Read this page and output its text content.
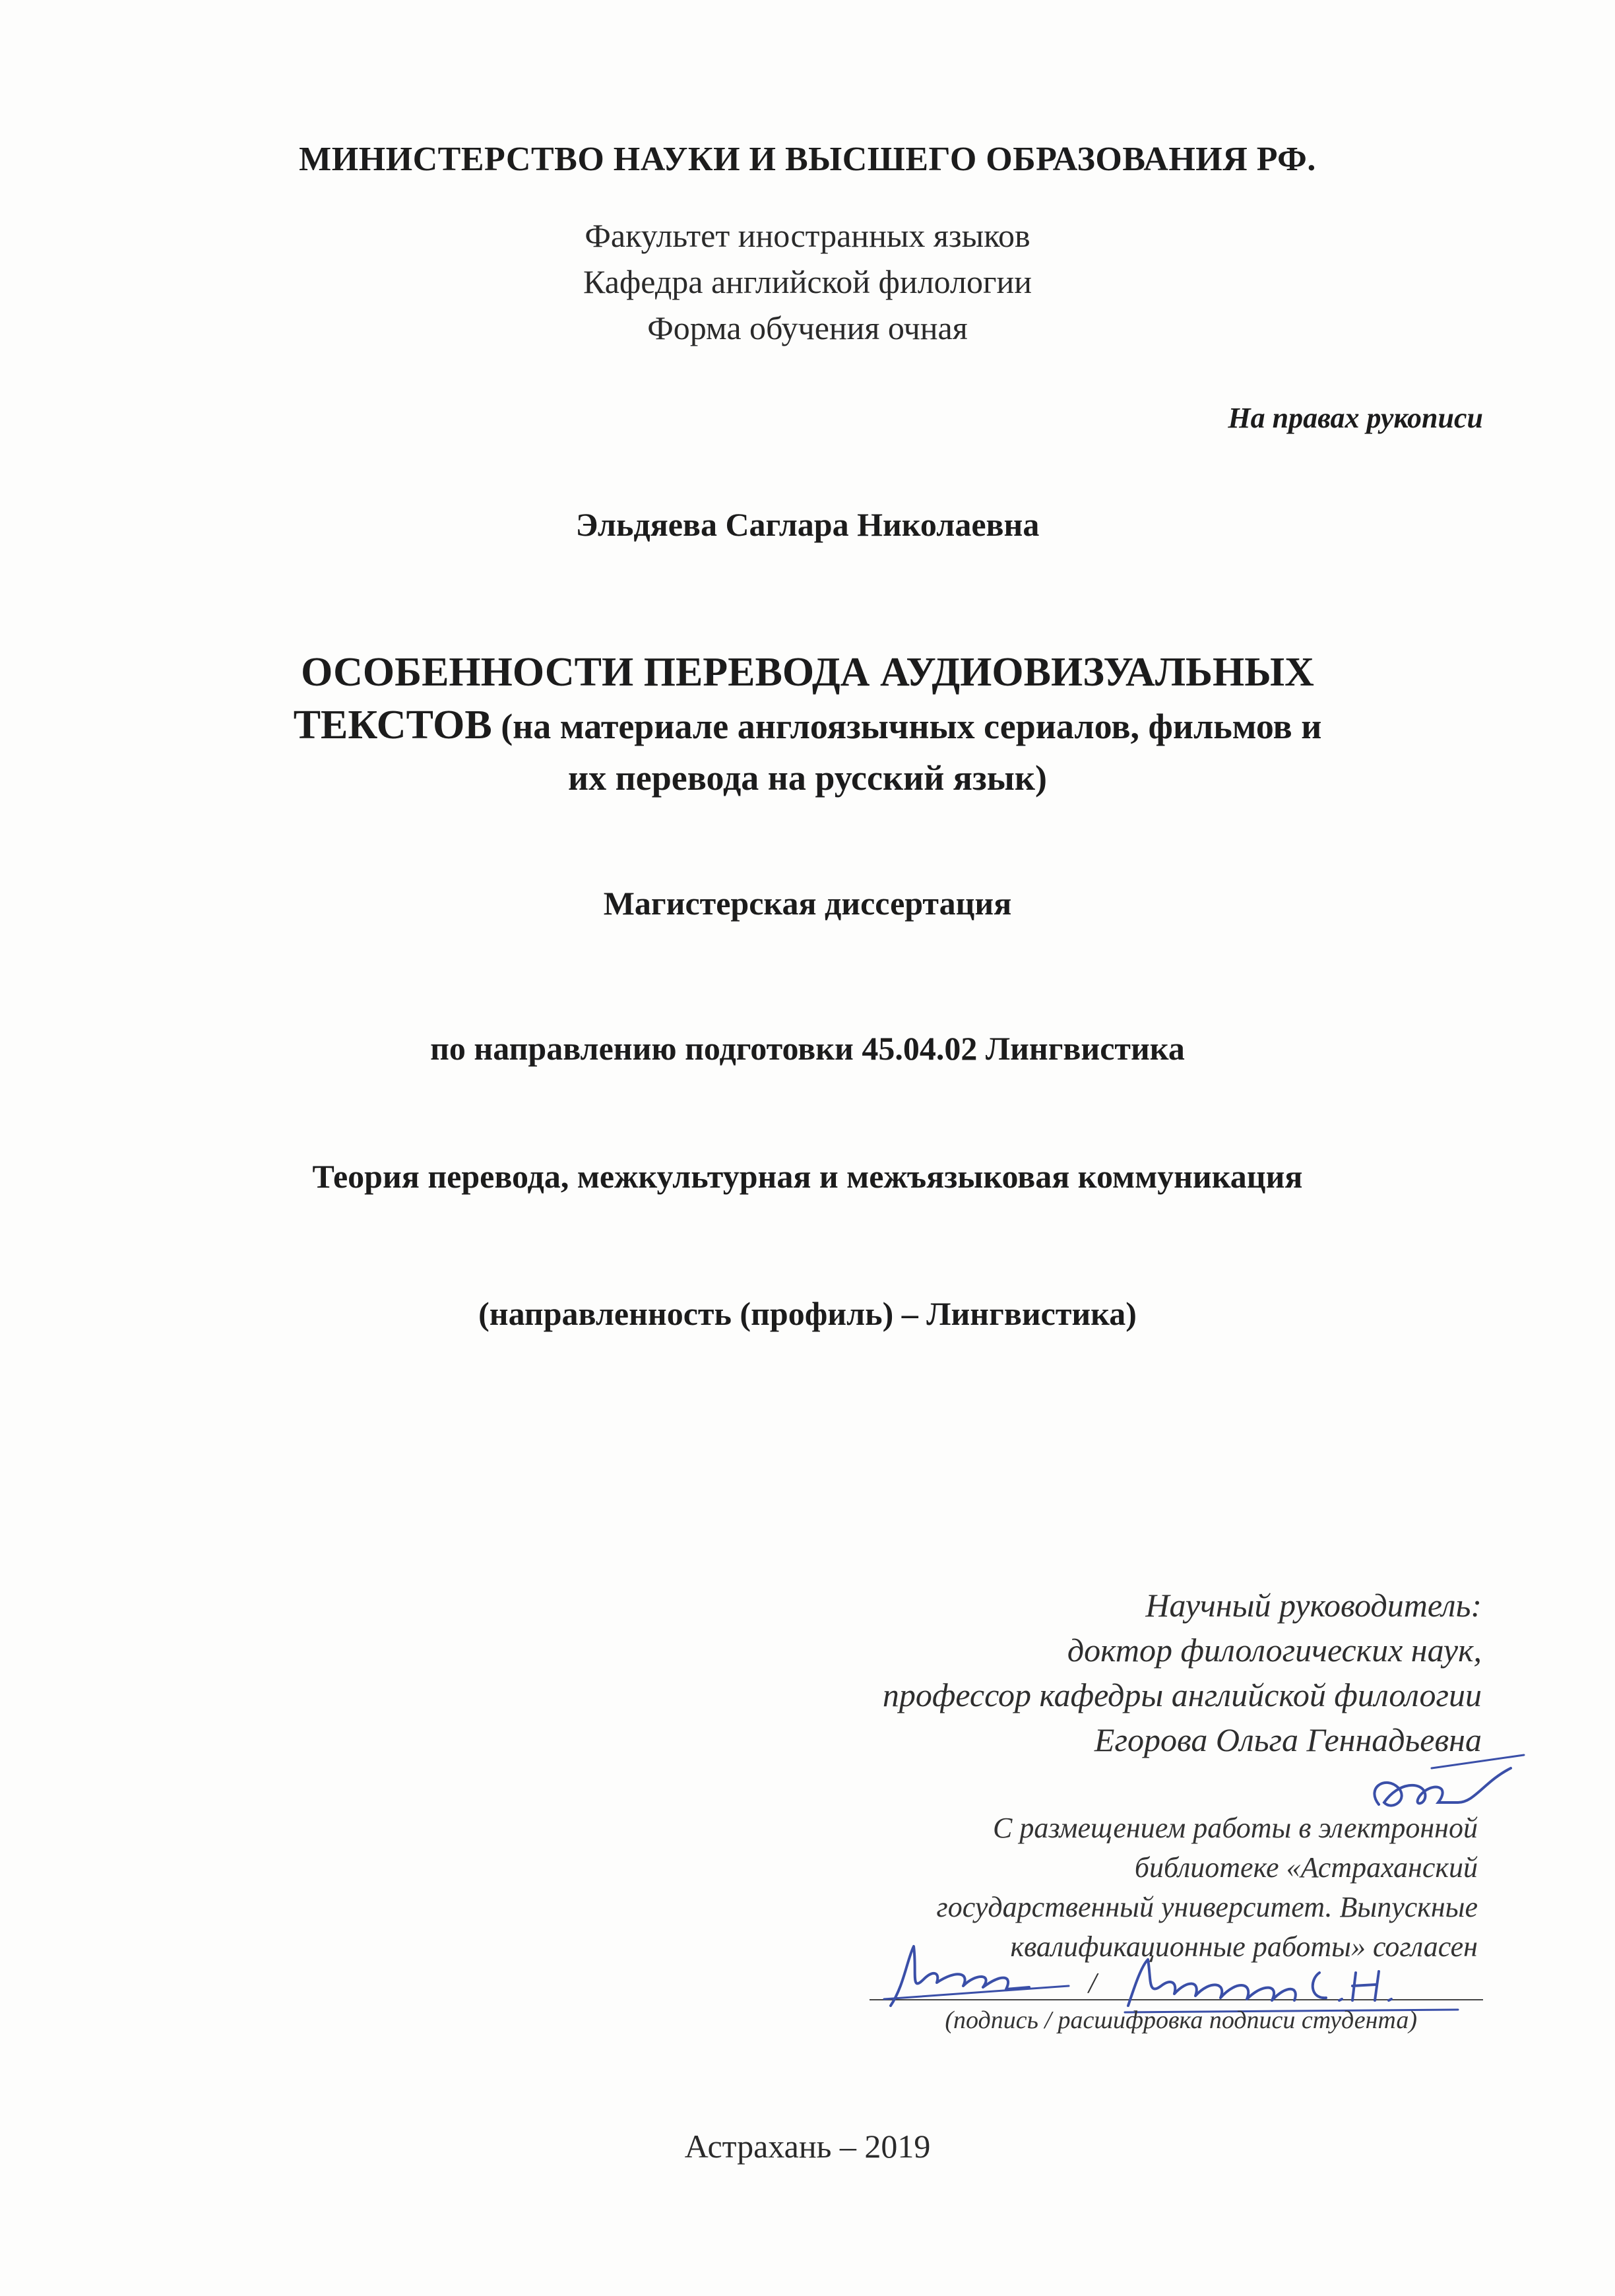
МИНИСТЕРСТВО НАУКИ И ВЫСШЕГО ОБРАЗОВАНИЯ РФ.
Факультет иностранных языков
Кафедра английской филологии
Форма обучения очная
На правах рукописи
Эльдяева Саглара Николаевна
ОСОБЕННОСТИ ПЕРЕВОДА АУДИОВИЗУАЛЬНЫХ
ТЕКСТОВ (на материале англоязычных сериалов, фильмов и
их перевода на русский язык)
Магистерская диссертация
по направлению подготовки 45.04.02 Лингвистика
Теория перевода, межкультурная и межъязыковая коммуникация
(направленность (профиль) – Лингвистика)
Научный руководитель:
доктор филологических наук,
профессор кафедры английской филологии
Егорова Ольга Геннадьевна
С размещением работы в электронной
библиотеке «Астраханский
государственный университет. Выпускные
квалификационные работы» согласен
/
(подпись / расшифровка подписи студента)
Астрахань – 2019
